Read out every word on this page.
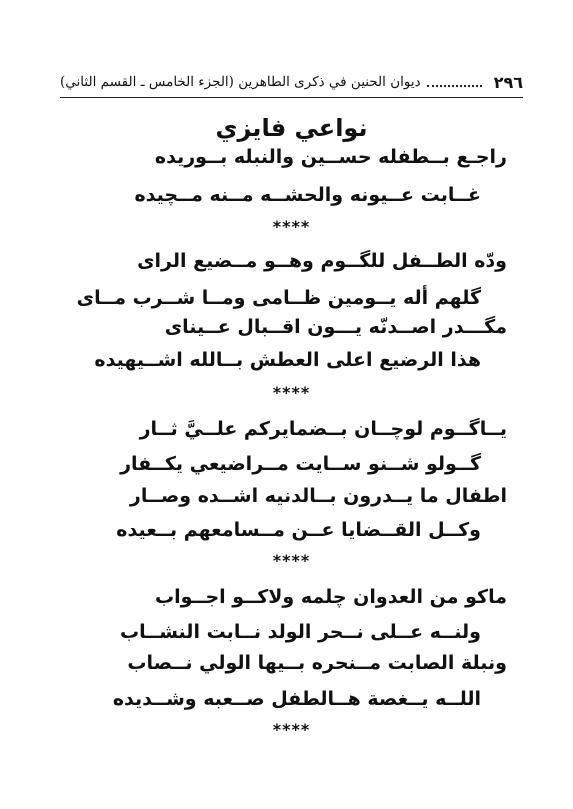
٢٩٦
ديوان الحنين في ذكرى الطاهرين (الجزء الخامس ـ القسم الثاني)
نواعي فايزي
راجـع بــطفله حســين والنبله بــوريده
غــابت عــيونه والحشــه مــنه مــچيده
****
ودّه الطــفل للگــوم وهــو مــضيع الراى
گلهم أله يــومين ظــامى ومــا شــرب مــاى
مگـــدر اصــدنّه يـــون اقــبال عــيناى
هذا الرضيع اعلى العطش بــالله اشــيهيده
****
يــاگــوم لوچــان بــضمايركم علــيَّ ثــار
گــولو شــنو ســايت مــراضيعي يكــفار
اطفال ما يــدرون بــالدنيه اشــده وصــار
وكــل القــضايا عــن مــسامعهم بــعيده
****
ماكو من العدوان چلمه ولاكــو اجــواب
ولنــه عــلى نــحر الولد نــابت النشــاب
ونبلة الصابت مــنحره بــيها الولي نــصاب
اللــه يــغصة هــالطفل صــعبه وشــديده
****
